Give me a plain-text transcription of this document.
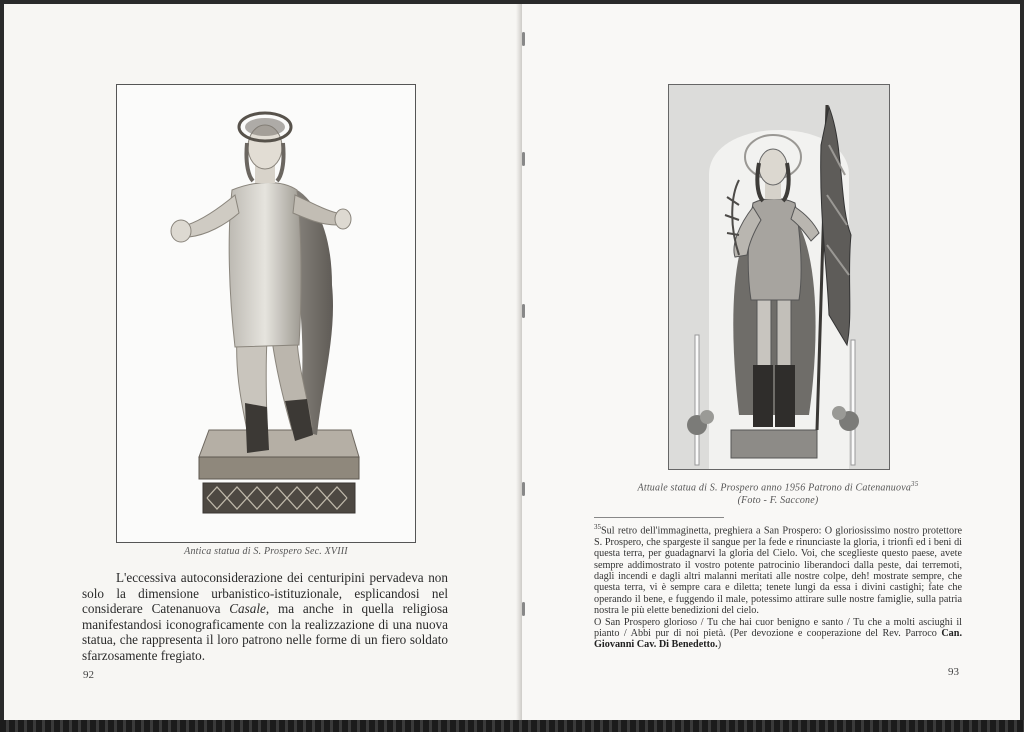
Antica statua di S. Prospero Sec. XVIII

L'eccessiva autoconsiderazione dei centuripini pervadeva non solo la dimensione urbanistico-istituzionale, esplicandosi nel considerare Catenanuova Casale, ma anche in quella religiosa manifestandosi iconograficamente con la realizzazione di una nuova statua, che rappresenta il loro patrono nelle forme di un fiero soldato sfarzosamente fregiato.

92
Attuale statua di S. Prospero anno 1956 Patrono di Catenanuova$^{35}$
(Foto - F. Saccone)

$^{35}$Sul retro dell'immaginetta, preghiera a San Prospero: O gloriosissimo nostro protettore S. Prospero, che spargeste il sangue per la fede e rinunciaste la gloria, i trionfi ed i beni di questa terra, per guadagnarvi la gloria del Cielo. Voi, che sceglieste questo paese, avete sempre addimostrato il vostro potente patrocinio liberandoci dalla peste, dai terremoti, dagli incendi e dagli altri malanni meritati alle nostre colpe, deh! mostrate sempre, che questa terra, vi è sempre cara e diletta; tenete lungi da essa i divini castighi; fate che operando il bene, e fuggendo il male, potessimo attirare sulle nostre famiglie, sulla patria nostra le più elette benedizioni del cielo.

O San Prospero glorioso / Tu che hai cuor benigno e santo / Tu che a molti asciughi il pianto / Abbi pur di noi pietà. (Per devozione e cooperazione del Rev. Parroco Can. Giovanni Cav. Di Benedetto.)

93
